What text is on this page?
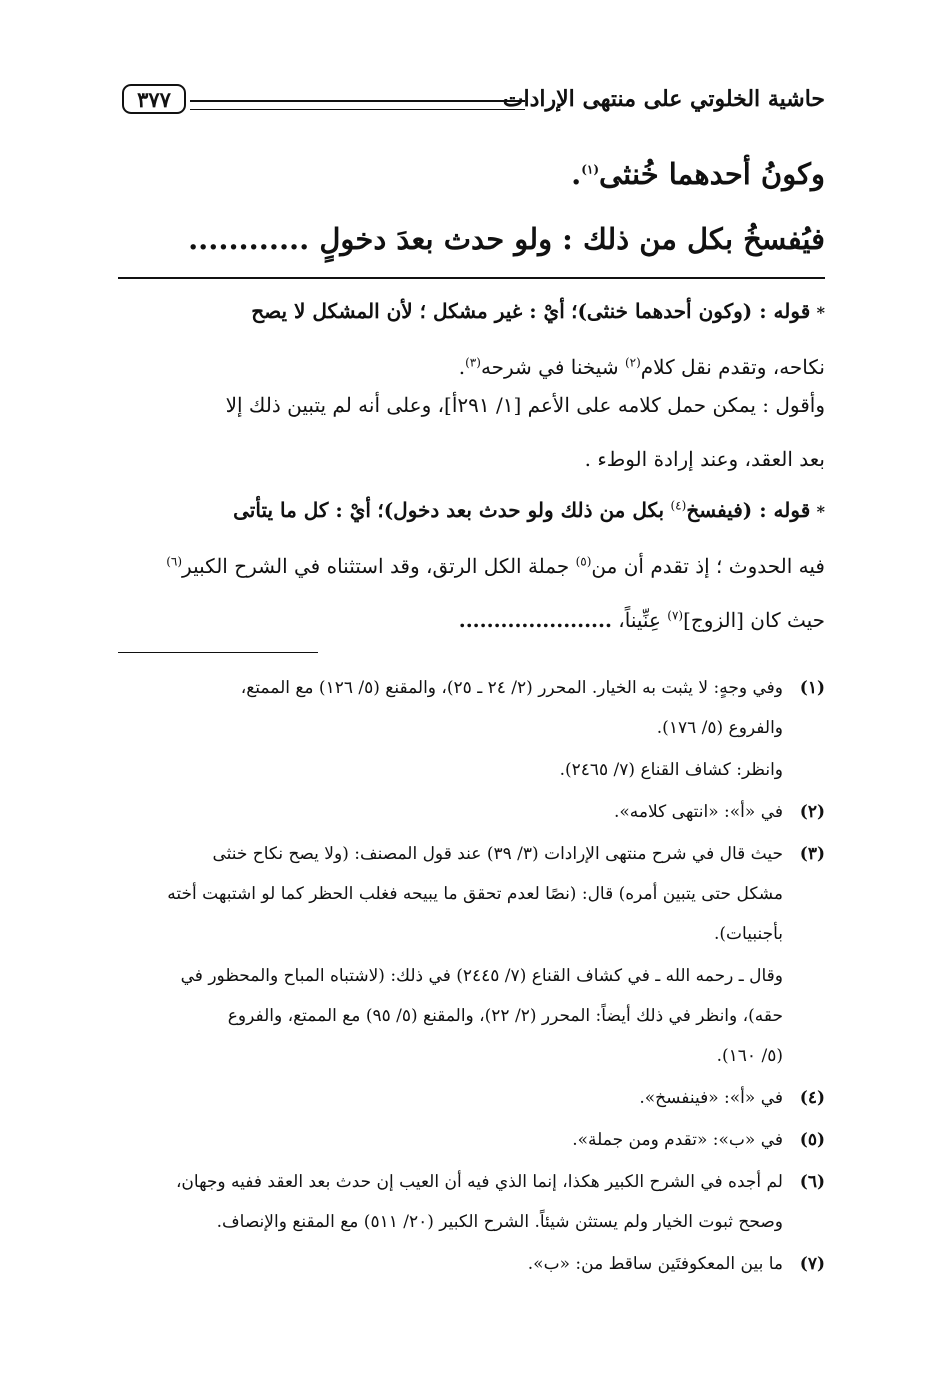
حاشية الخلوتي على منتهى الإرادات
٣٧٧
وكونُ أحدهما خُنثى$^{(١)}$.
فيُفسخُ بكل من ذلك : ولو حدث بعدَ دخولٍ ............
* قوله : (وكون أحدهما خنثى)؛ أيْ : غير مشكل ؛ لأن المشكل لا يصح
نكاحه، وتقدم نقل كلام$^{(٢)}$ شيخنا في شرحه$^{(٣)}$.
وأقول : يمكن حمل كلامه على الأعم [١/ ٢٩١أ]، وعلى أنه لم يتبين ذلك إلا
بعد العقد، وعند إرادة الوطء .
* قوله : (فيفسخ$^{(٤)}$ بكل من ذلك ولو حدث بعد دخول)؛ أيْ : كل ما يتأتى
فيه الحدوث ؛ إذ تقدم أن من$^{(٥)}$ جملة الكل الرتق، وقد استثناه في الشرح الكبير$^{(٦)}$
حيث كان [الزوج]$^{(٧)}$ عِنِّيناً، ......................
(١)
وفي وجهٍ: لا يثبت به الخيار. المحرر (٢/ ٢٤ ـ ٢٥)، والمقنع (٥/ ١٢٦) مع الممتع،
والفروع (٥/ ١٧٦).
وانظر: كشاف القناع (٧/ ٢٤٦٥).
(٢)
في «أ»: «انتهى كلامه».
(٣)
حيث قال في شرح منتهى الإرادات (٣/ ٣٩) عند قول المصنف: (ولا يصح نكاح خنثى
مشكل حتى يتبين أمره) قال: (نصًا لعدم تحقق ما يبيحه فغلب الحظر كما لو اشتبهت أخته
بأجنبيات).
وقال ـ رحمه الله ـ في كشاف القناع (٧/ ٢٤٤٥) في ذلك: (لاشتباه المباح والمحظور في
حقه)، وانظر في ذلك أيضاً: المحرر (٢/ ٢٢)، والمقنع (٥/ ٩٥) مع الممتع، والفروع
(٥/ ١٦٠).
(٤)
في «أ»: «فينفسخ».
(٥)
في «ب»: «تقدم ومن جملة».
(٦)
لم أجده في الشرح الكبير هكذا، إنما الذي فيه أن العيب إن حدث بعد العقد ففيه وجهان،
وصحح ثبوت الخيار ولم يستثن شيئاً. الشرح الكبير (٢٠/ ٥١١) مع المقنع والإنصاف.
(٧)
ما بين المعكوفتَين ساقط من: «ب».
